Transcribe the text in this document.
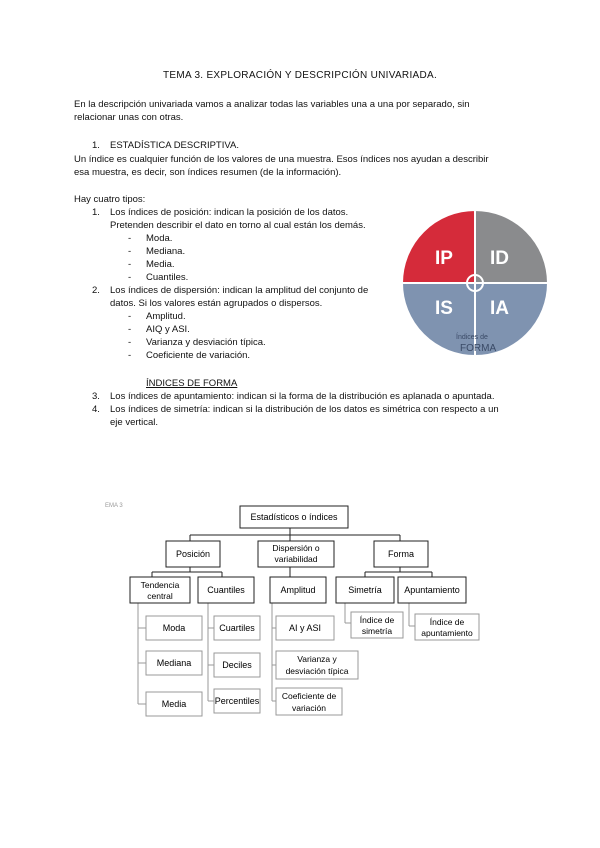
TEMA 3. EXPLORACIÓN Y DESCRIPCIÓN UNIVARIADA.
En la descripción univariada vamos a analizar todas las variables una a una por separado, sin
relacionar unas con otras.
1. ESTADÍSTICA DESCRIPTIVA.
Un índice es cualquier función de los valores de una muestra. Esos índices nos ayudan a describir
esa muestra, es decir, son índices resumen (de la información).
Hay cuatro tipos:
1. Los índices de posición: indican la posición de los datos.
Pretenden describir el dato en torno al cual están los demás.
- Moda.
- Mediana.
- Media.
- Cuantiles.
2. Los índices de dispersión: indican la amplitud del conjunto de
datos. Si los valores están agrupados o dispersos.
- Amplitud.
- AIQ y ASI.
- Varianza y desviación típica.
- Coeficiente de variación.
ÍNDICES DE FORMA
3. Los índices de apuntamiento: indican si la forma de la distribución es aplanada o apuntada.
4. Los índices de simetría: indican si la distribución de los datos es simétrica con respecto a un
eje vertical.
IP ID
IS IA
Índices de
FORMA
EMA 3
Estadísticos o índices
Posición
Dispersión o
variabilidad	Forma
Tendencia
central
Cuantiles	Amplitud	Simetría Apuntamiento
Moda
Mediana
Media
Cuartiles
Deciles
Percentiles
AI y ASI
Varianza y
desviación típica
Coeficiente de
variación
Índice de
simetría
Índice de
apuntamiento
